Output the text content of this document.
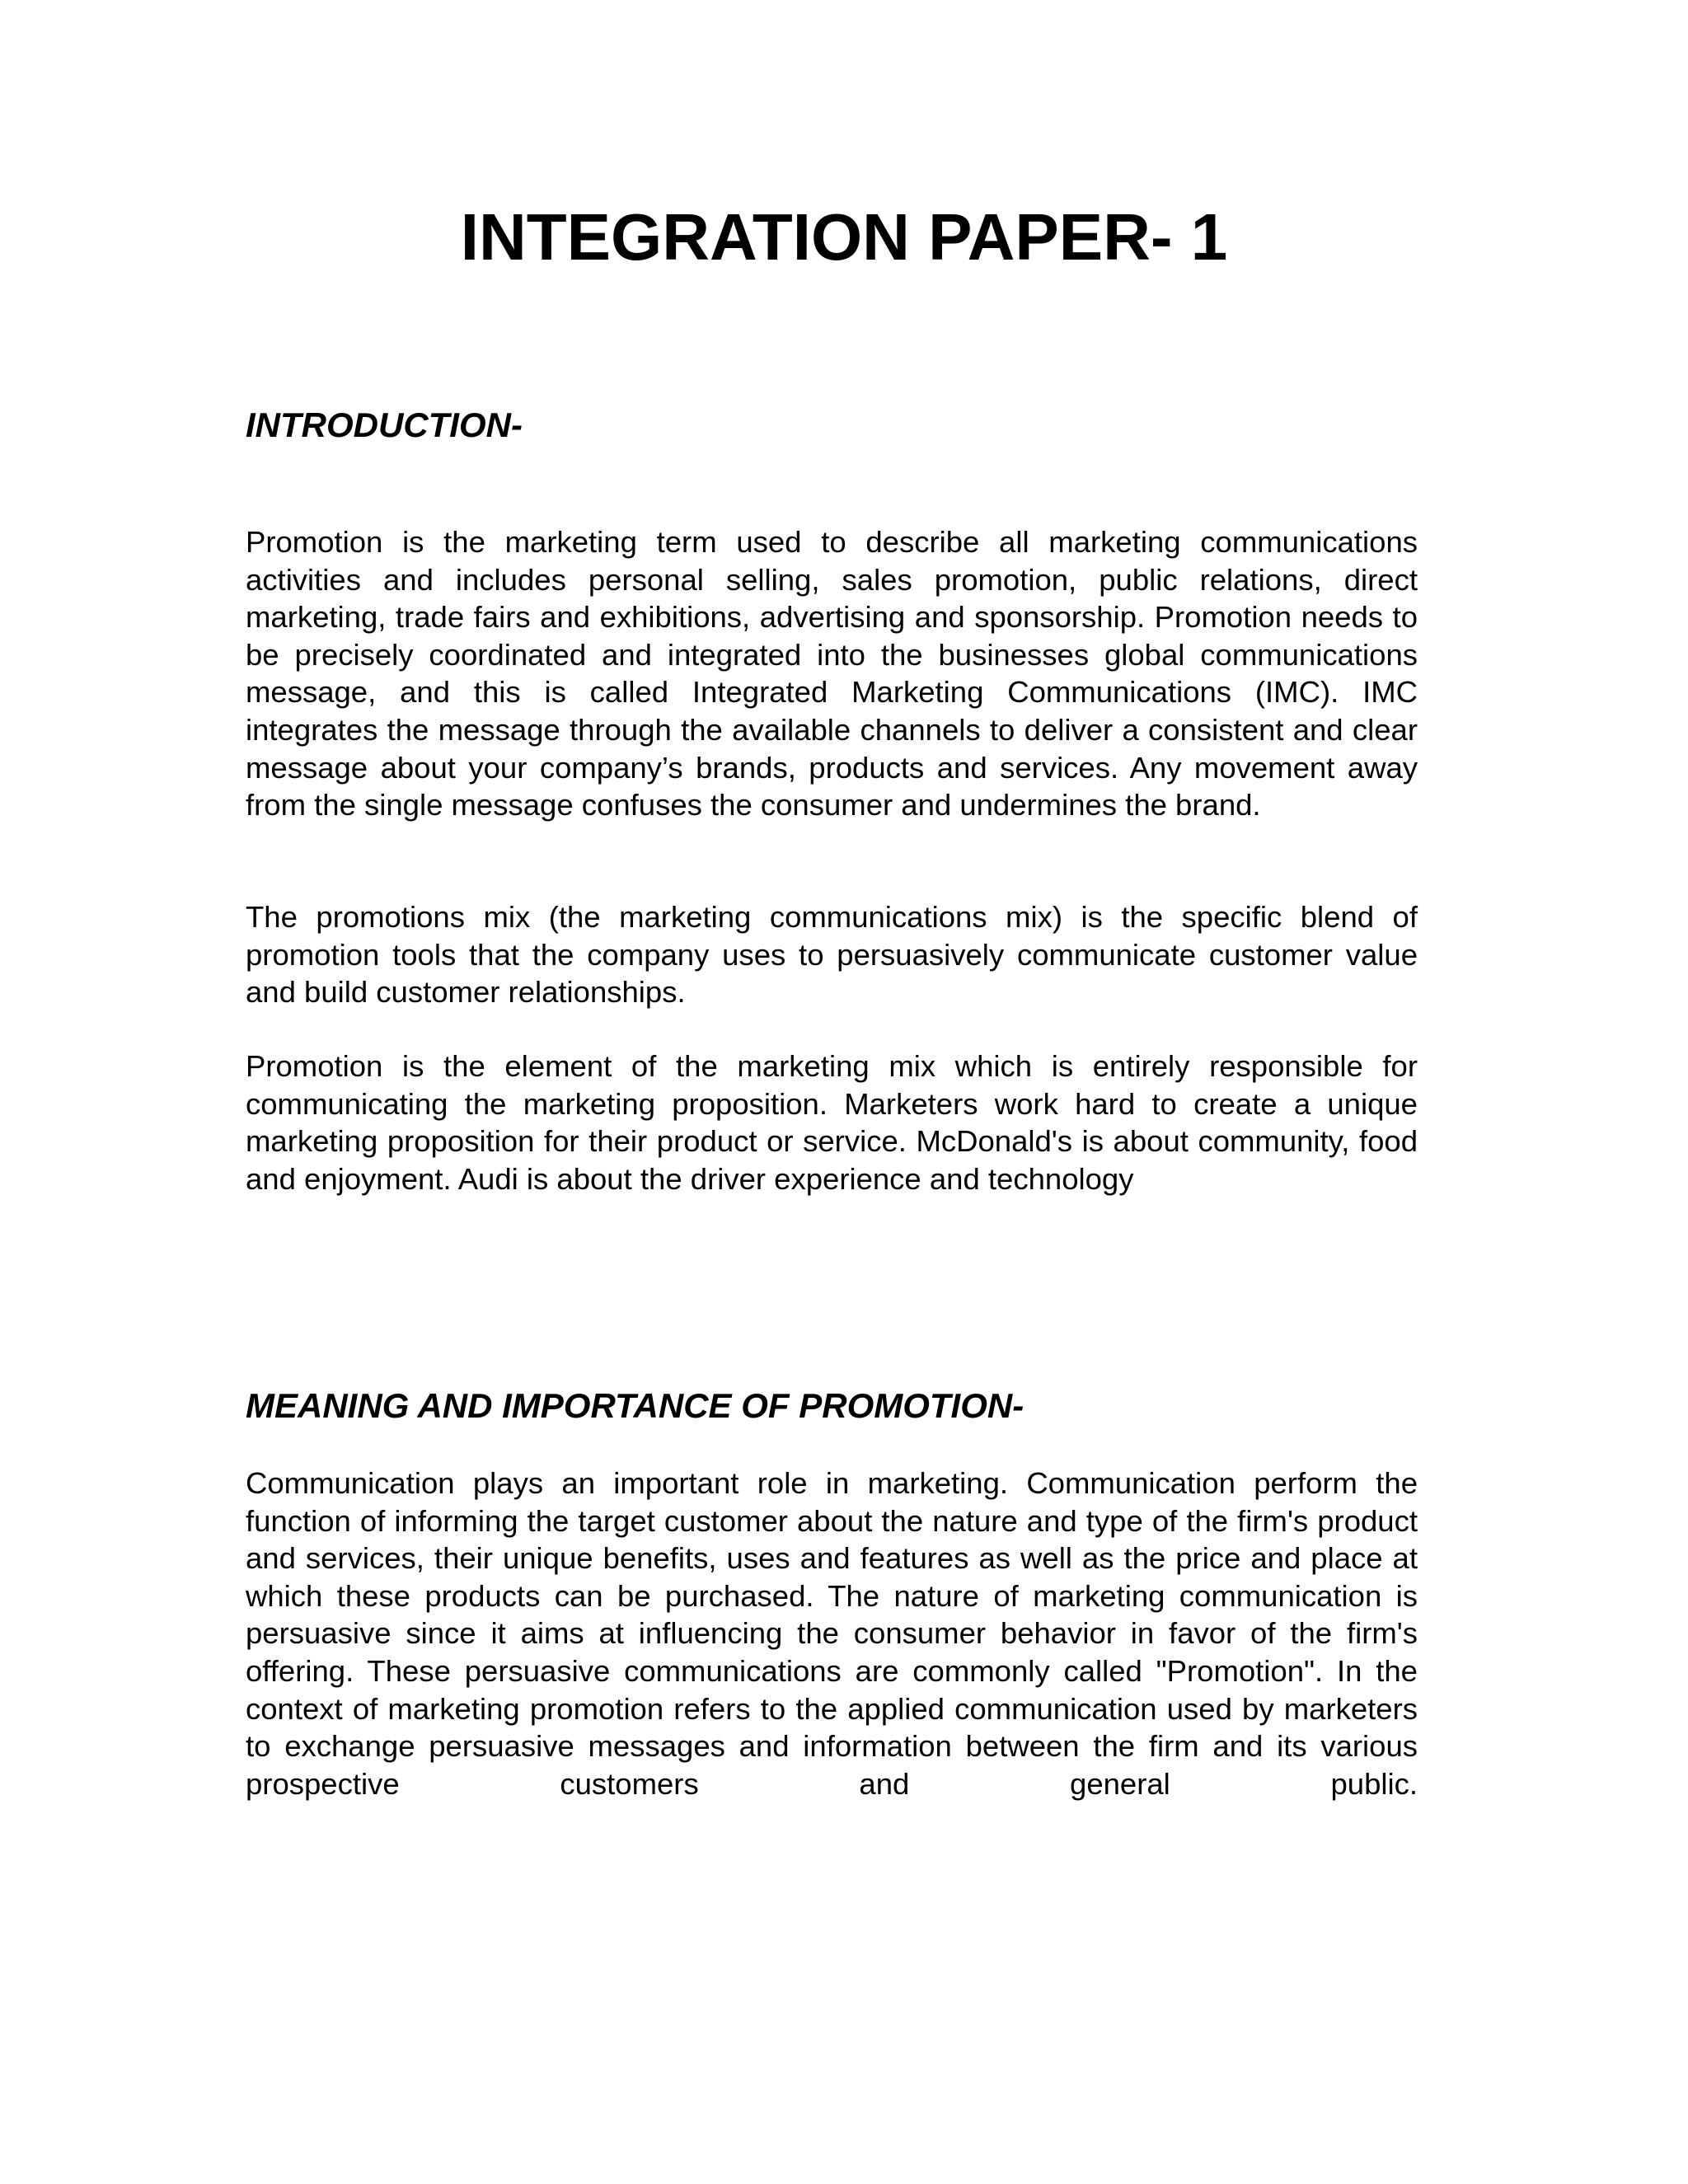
INTEGRATION PAPER- 1
INTRODUCTION-

Promotion is the marketing term used to describe all marketing communications activities and includes personal selling, sales promotion, public relations, direct marketing, trade fairs and exhibitions, advertising and sponsorship. Promotion needs to be precisely coordinated and integrated into the businesses global communications message, and this is called Integrated Marketing Communications (IMC). IMC integrates the message through the available channels to deliver a consistent and clear message about your company’s brands, products and services. Any movement away from the single message confuses the consumer and undermines the brand.

The promotions mix (the marketing communications mix) is the specific blend of promotion tools that the company uses to persuasively communicate customer value and build customer relationships.

Promotion is the element of the marketing mix which is entirely responsible for communicating the marketing proposition. Marketers work hard to create a unique marketing proposition for their product or service. McDonald's is about community, food and enjoyment. Audi is about the driver experience and technology

MEANING AND IMPORTANCE OF PROMOTION-

Communication plays an important role in marketing. Communication perform the function of informing the target customer about the nature and type of the firm's product and services, their unique benefits, uses and features as well as the price and place at which these products can be purchased. The nature of marketing communication is persuasive since it aims at influencing the consumer behavior in favor of the firm's offering. These persuasive communications are commonly called "Promotion". In the context of marketing promotion refers to the applied communication used by marketers to exchange persuasive messages and information between the firm and its various prospective customers and general public.
